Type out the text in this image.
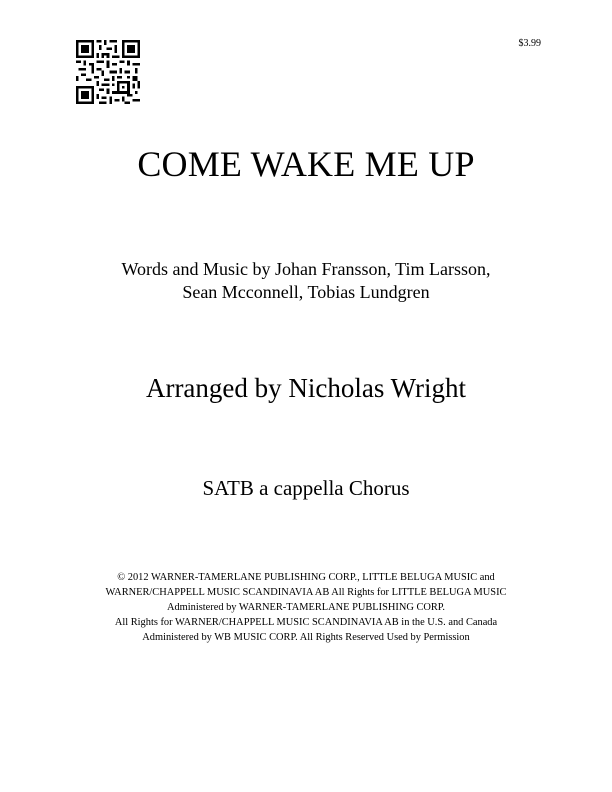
$3.99
COME WAKE ME UP
Words and Music by Johan Fransson, Tim Larsson,
Sean Mcconnell, Tobias Lundgren
Arranged by Nicholas Wright
SATB a cappella Chorus
© 2012 WARNER-TAMERLANE PUBLISHING CORP., LITTLE BELUGA MUSIC and
WARNER/CHAPPELL MUSIC SCANDINAVIA AB All Rights for LITTLE BELUGA MUSIC
Administered by WARNER-TAMERLANE PUBLISHING CORP.
All Rights for WARNER/CHAPPELL MUSIC SCANDINAVIA AB in the U.S. and Canada
Administered by WB MUSIC CORP. All Rights Reserved Used by Permission
